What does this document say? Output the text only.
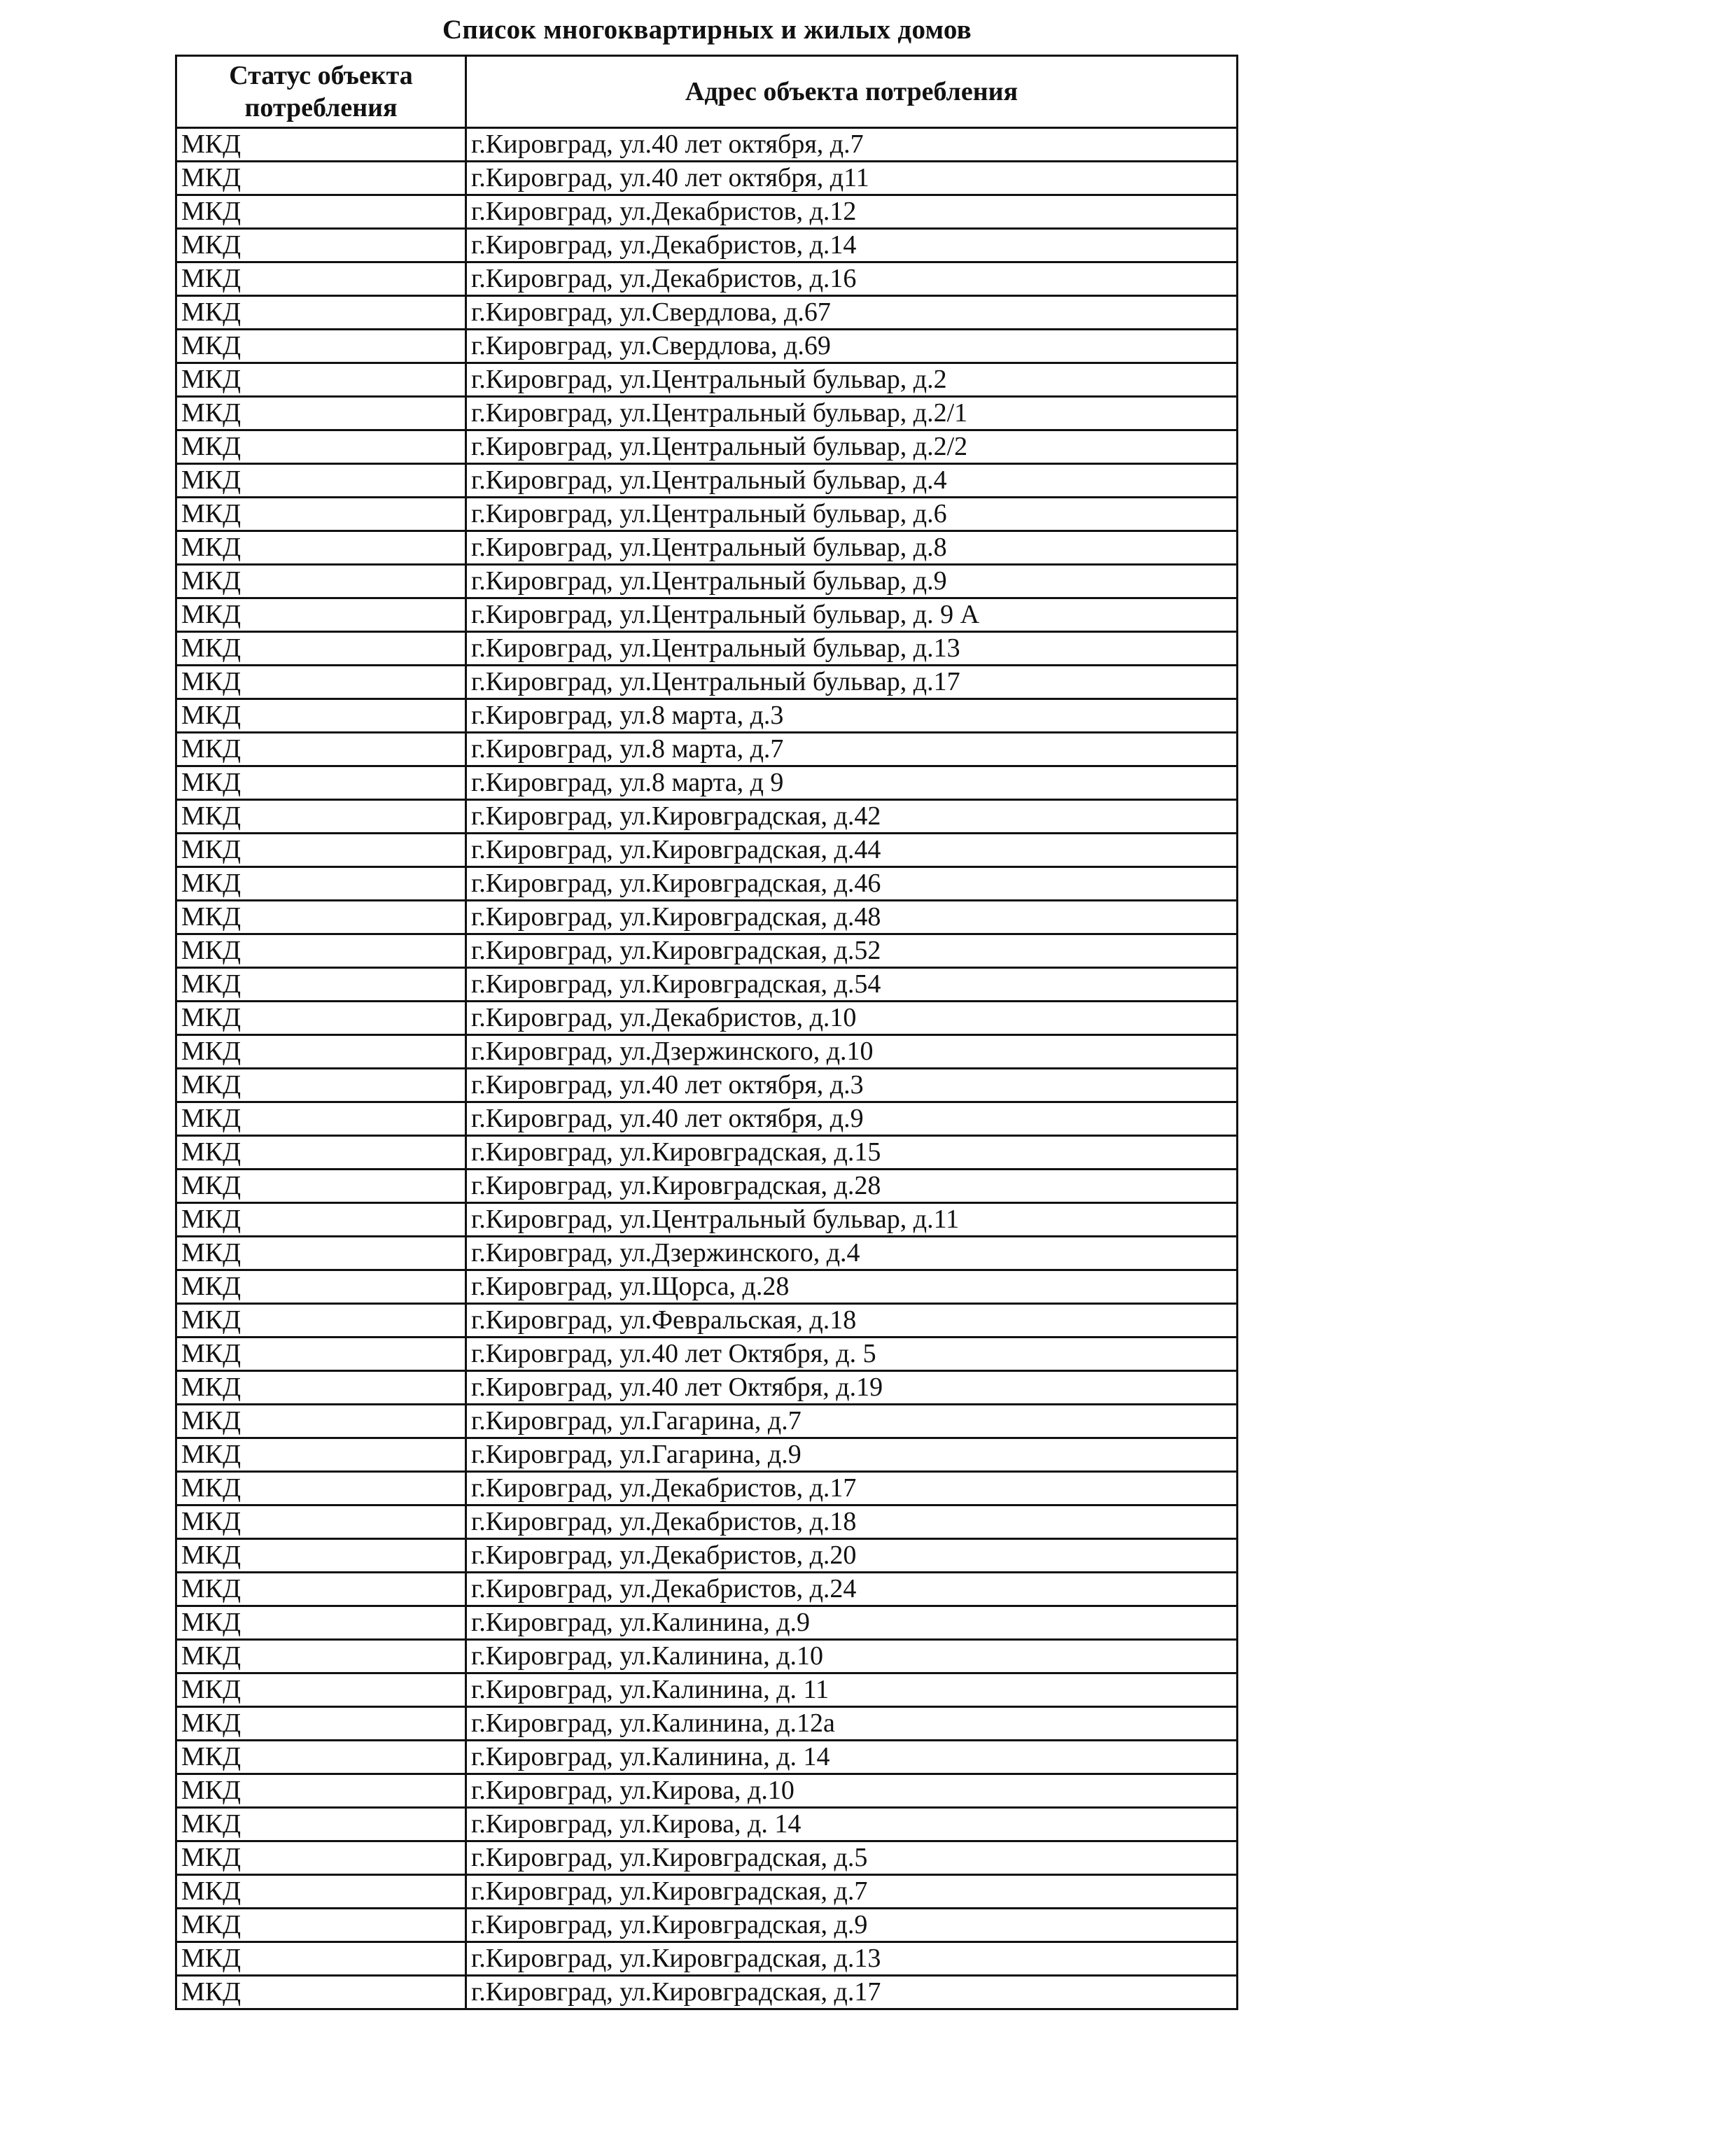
Список многоквартирных и жилых домов
Статус объекта потребления	Адрес объекта потребления
МКД	г.Кировград, ул.40 лет октября, д.7
МКД	г.Кировград, ул.40 лет октября, д11
МКД	г.Кировград, ул.Декабристов, д.12
МКД	г.Кировград, ул.Декабристов, д.14
МКД	г.Кировград, ул.Декабристов, д.16
МКД	г.Кировград, ул.Свердлова, д.67
МКД	г.Кировград, ул.Свердлова, д.69
МКД	г.Кировград, ул.Центральный бульвар, д.2
МКД	г.Кировград, ул.Центральный бульвар, д.2/1
МКД	г.Кировград, ул.Центральный бульвар, д.2/2
МКД	г.Кировград, ул.Центральный бульвар, д.4
МКД	г.Кировград, ул.Центральный бульвар, д.6
МКД	г.Кировград, ул.Центральный бульвар, д.8
МКД	г.Кировград, ул.Центральный бульвар, д.9
МКД	г.Кировград, ул.Центральный бульвар, д. 9 А
МКД	г.Кировград, ул.Центральный бульвар, д.13
МКД	г.Кировград, ул.Центральный бульвар, д.17
МКД	г.Кировград, ул.8 марта, д.3
МКД	г.Кировград, ул.8 марта, д.7
МКД	г.Кировград, ул.8 марта, д 9
МКД	г.Кировград, ул.Кировградская, д.42
МКД	г.Кировград, ул.Кировградская, д.44
МКД	г.Кировград, ул.Кировградская, д.46
МКД	г.Кировград, ул.Кировградская, д.48
МКД	г.Кировград, ул.Кировградская, д.52
МКД	г.Кировград, ул.Кировградская, д.54
МКД	г.Кировград, ул.Декабристов, д.10
МКД	г.Кировград, ул.Дзержинского, д.10
МКД	г.Кировград, ул.40 лет октября, д.3
МКД	г.Кировград, ул.40 лет октября, д.9
МКД	г.Кировград, ул.Кировградская, д.15
МКД	г.Кировград, ул.Кировградская, д.28
МКД	г.Кировград, ул.Центральный бульвар, д.11
МКД	г.Кировград, ул.Дзержинского, д.4
МКД	г.Кировград, ул.Щорса, д.28
МКД	г.Кировград, ул.Февральская, д.18
МКД	г.Кировград, ул.40 лет Октября, д. 5
МКД	г.Кировград, ул.40 лет Октября, д.19
МКД	г.Кировград, ул.Гагарина, д.7
МКД	г.Кировград, ул.Гагарина, д.9
МКД	г.Кировград, ул.Декабристов, д.17
МКД	г.Кировград, ул.Декабристов, д.18
МКД	г.Кировград, ул.Декабристов, д.20
МКД	г.Кировград, ул.Декабристов, д.24
МКД	г.Кировград, ул.Калинина, д.9
МКД	г.Кировград, ул.Калинина, д.10
МКД	г.Кировград, ул.Калинина, д. 11
МКД	г.Кировград, ул.Калинина, д.12а
МКД	г.Кировград, ул.Калинина, д. 14
МКД	г.Кировград, ул.Кирова, д.10
МКД	г.Кировград, ул.Кирова, д. 14
МКД	г.Кировград, ул.Кировградская, д.5
МКД	г.Кировград, ул.Кировградская, д.7
МКД	г.Кировград, ул.Кировградская, д.9
МКД	г.Кировград, ул.Кировградская, д.13
МКД	г.Кировград, ул.Кировградская, д.17
